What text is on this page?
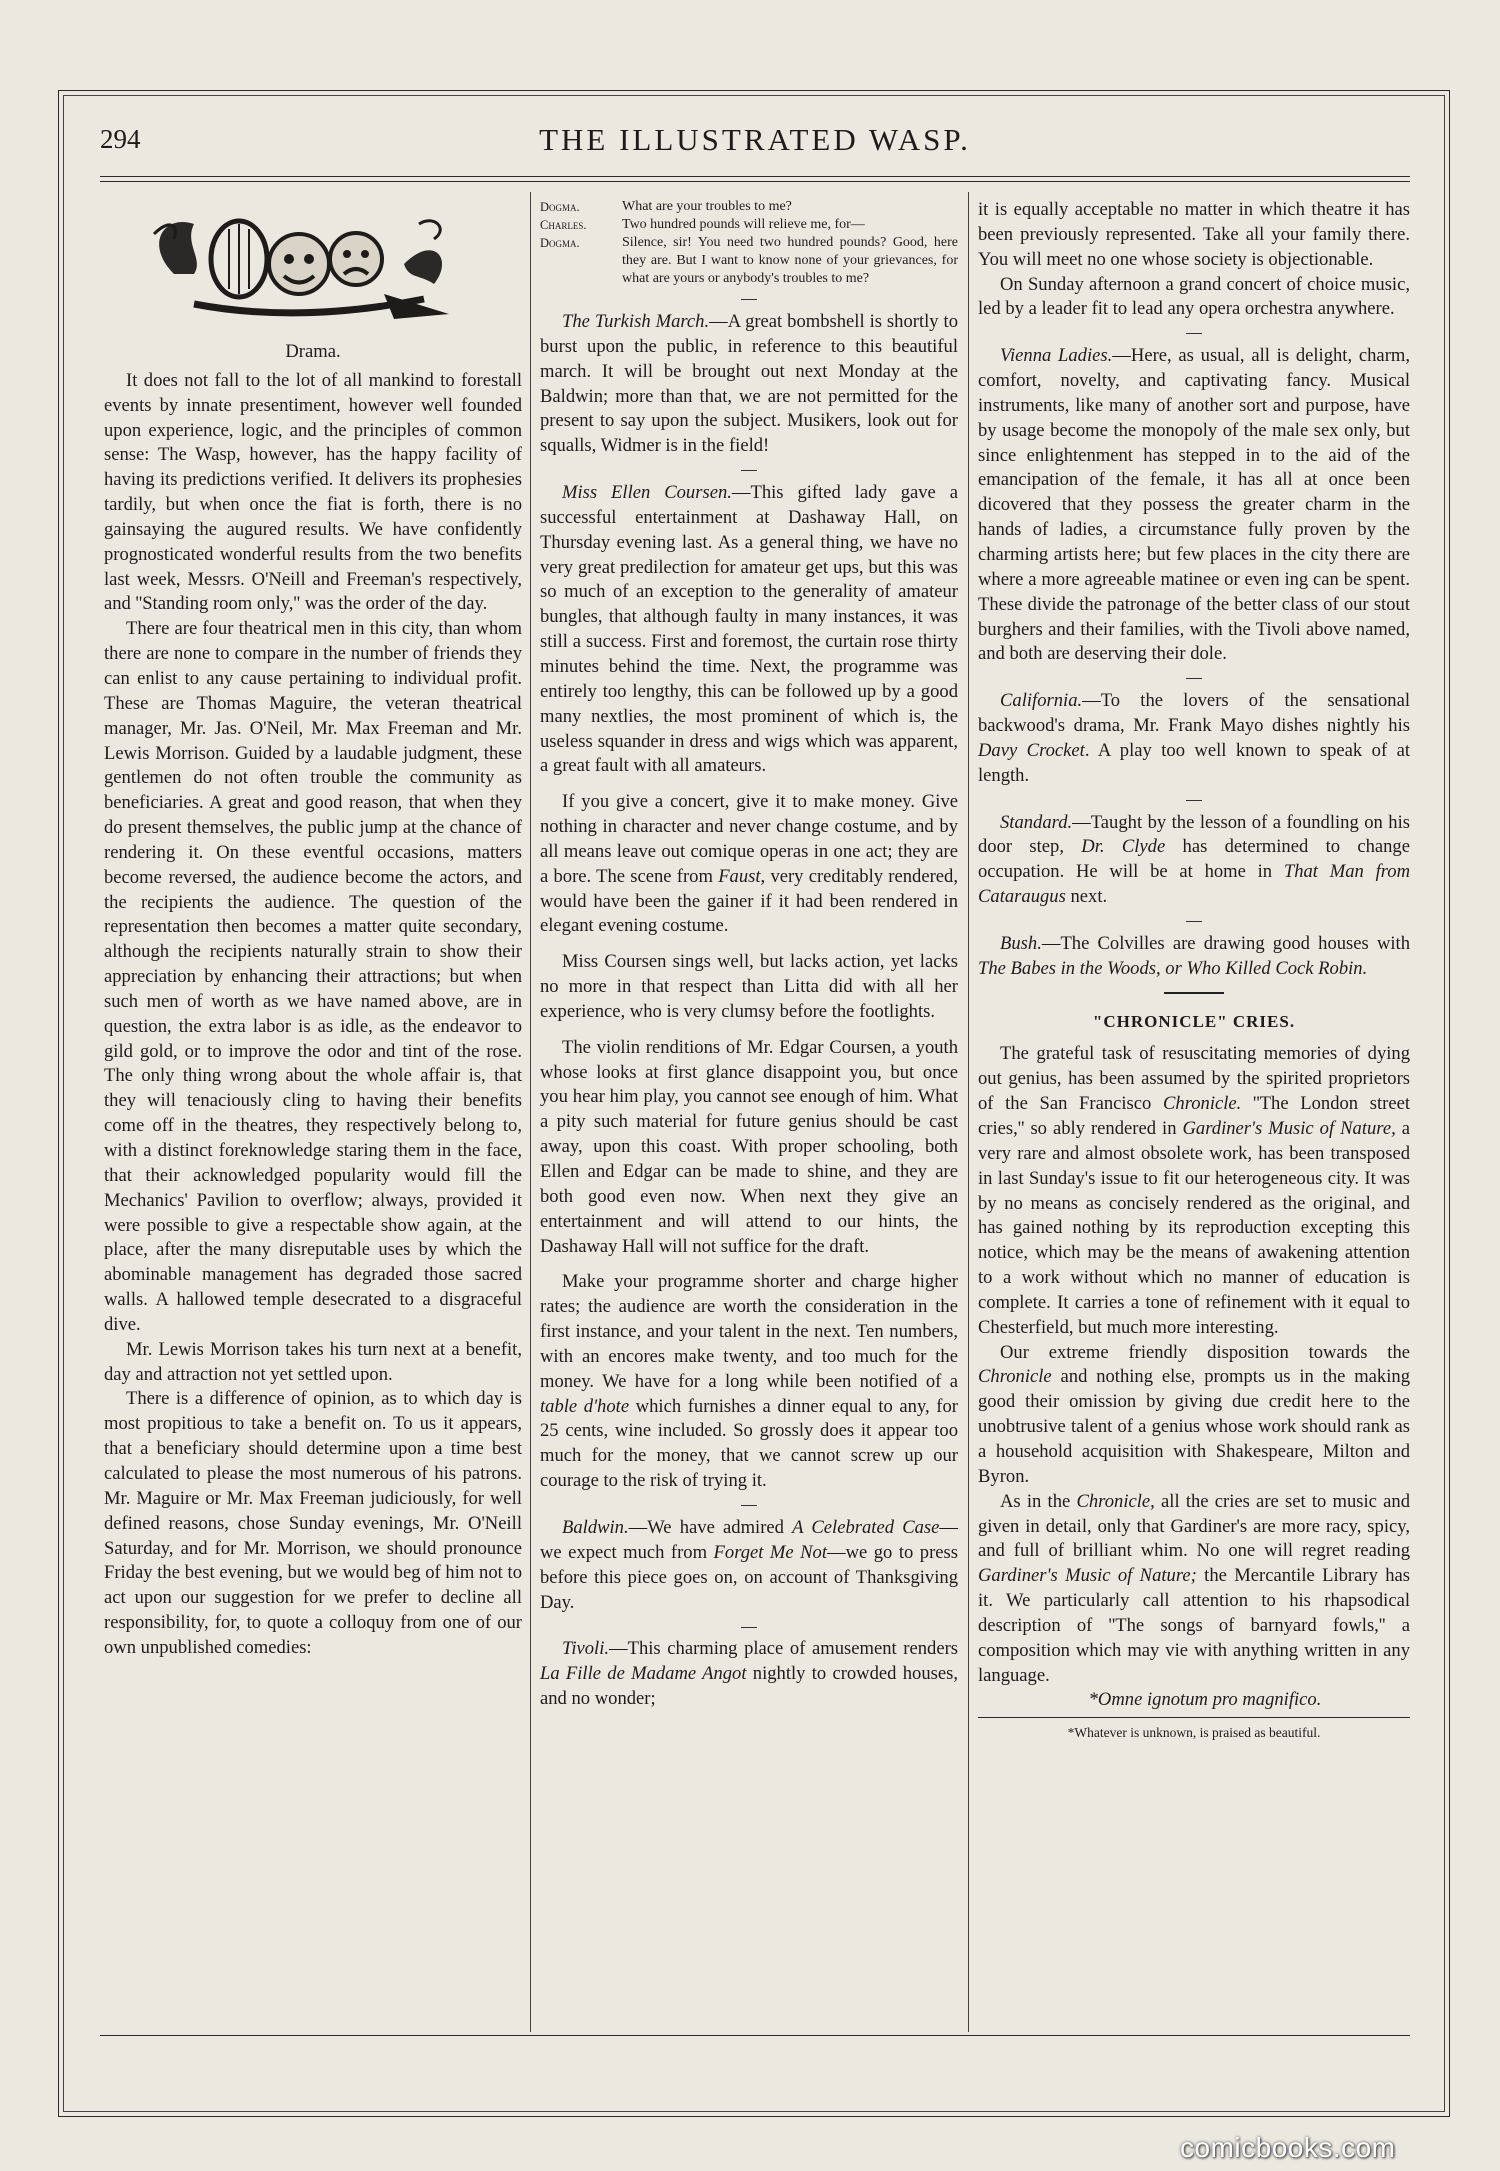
294	THE ILLUSTRATED WASP.

Drama.

It does not fall to the lot of all mankind to forestall events by innate presentiment, however well founded upon experience, logic, and the principles of common sense: The Wasp, however, has the happy facility of having its predictions verified. It delivers its prophesies tardily, but when once the fiat is forth, there is no gainsaying the augured results. We have confidently prognosticated wonderful results from the two benefits last week, Messrs. O'Neill and Freeman's respectively, and ''Standing room only,'' was the order of the day.

There are four theatrical men in this city, than whom there are none to compare in the number of friends they can enlist to any cause pertaining to individual profit. These are Thomas Maguire, the veteran theatrical manager, Mr. Jas. O'Neil, Mr. Max Freeman and Mr. Lewis Morrison. Guided by a laudable judgment, these gentlemen do not often trouble the community as beneficiaries. A great and good reason, that when they do present themselves, the public jump at the chance of rendering it. On these eventful occasions, matters become reversed, the audience become the actors, and the recipients the audience. The question of the representation then becomes a matter quite secondary, although the recipients naturally strain to show their appreciation by enhancing their attractions; but when such men of worth as we have named above, are in question, the extra labor is as idle, as the endeavor to gild gold, or to improve the odor and tint of the rose. The only thing wrong about the whole affair is, that they will tenaciously cling to having their benefits come off in the theatres, they respectively belong to, with a distinct foreknowledge staring them in the face, that their acknowledged popularity would fill the Mechanics' Pavilion to overflow; always, provided it were possible to give a respectable show again, at the place, after the many disreputable uses by which the abominable management has degraded those sacred walls. A hallowed temple desecrated to a disgraceful dive.

Mr. Lewis Morrison takes his turn next at a benefit, day and attraction not yet settled upon.

There is a difference of opinion, as to which day is most propitious to take a benefit on. To us it appears, that a beneficiary should determine upon a time best calculated to please the most numerous of his patrons. Mr. Maguire or Mr. Max Freeman judiciously, for well defined reasons, chose Sunday evenings, Mr. O'Neill Saturday, and for Mr. Morrison, we should pronounce Friday the best evening, but we would beg of him not to act upon our suggestion for we prefer to decline all responsibility, for, to quote a colloquy from one of our own unpublished comedies:

Dogma.	What are your troubles to me?
Charles.	Two hundred pounds will relieve me, for—
Dogma.	Silence, sir! You need two hundred pounds? Good, here they are. But I want to know none of your grievances, for what are yours or anybody's troubles to me?

The Turkish March.—A great bombshell is shortly to burst upon the public, in reference to this beautiful march. It will be brought out next Monday at the Baldwin; more than that, we are not permitted for the present to say upon the subject. Musikers, look out for squalls, Widmer is in the field!

Miss Ellen Coursen.—This gifted lady gave a successful entertainment at Dashaway Hall, on Thursday evening last. As a general thing, we have no very great predilection for amateur get ups, but this was so much of an exception to the generality of amateur bungles, that although faulty in many instances, it was still a success. First and foremost, the curtain rose thirty minutes behind the time. Next, the programme was entirely too lengthy, this can be followed up by a good many nextlies, the most prominent of which is, the useless squander in dress and wigs which was apparent, a great fault with all amateurs.

If you give a concert, give it to make money. Give nothing in character and never change costume, and by all means leave out comique operas in one act; they are a bore. The scene from Faust, very creditably rendered, would have been the gainer if it had been rendered in elegant evening costume.

Miss Coursen sings well, but lacks action, yet lacks no more in that respect than Litta did with all her experience, who is very clumsy before the footlights.

The violin renditions of Mr. Edgar Coursen, a youth whose looks at first glance disappoint you, but once you hear him play, you cannot see enough of him. What a pity such material for future genius should be cast away, upon this coast. With proper schooling, both Ellen and Edgar can be made to shine, and they are both good even now. When next they give an entertainment and will attend to our hints, the Dashaway Hall will not suffice for the draft.

Make your programme shorter and charge higher rates; the audience are worth the consideration in the first instance, and your talent in the next. Ten numbers, with an encores make twenty, and too much for the money. We have for a long while been notified of a table d'hote which furnishes a dinner equal to any, for 25 cents, wine included. So grossly does it appear too much for the money, that we cannot screw up our courage to the risk of trying it.

Baldwin.—We have admired A Celebrated Case—we expect much from Forget Me Not—we go to press before this piece goes on, on account of Thanksgiving Day.

Tivoli.—This charming place of amusement renders La Fille de Madame Angot nightly to crowded houses, and no wonder;

it is equally acceptable no matter in which theatre it has been previously represented. Take all your family there. You will meet no one whose society is objectionable.

On Sunday afternoon a grand concert of choice music, led by a leader fit to lead any opera orchestra anywhere.

Vienna Ladies.—Here, as usual, all is delight, charm, comfort, novelty, and captivating fancy. Musical instruments, like many of another sort and purpose, have by usage become the monopoly of the male sex only, but since enlightenment has stepped in to the aid of the emancipation of the female, it has all at once been dicovered that they possess the greater charm in the hands of ladies, a circumstance fully proven by the charming artists here; but few places in the city there are where a more agreeable matinee or even ing can be spent. These divide the patronage of the better class of our stout burghers and their families, with the Tivoli above named, and both are deserving their dole.

California.—To the lovers of the sensational backwood's drama, Mr. Frank Mayo dishes nightly his Davy Crocket. A play too well known to speak of at length.

Standard.—Taught by the lesson of a foundling on his door step, Dr. Clyde has determined to change occupation. He will be at home in That Man from Cataraugus next.

Bush.—The Colvilles are drawing good houses with The Babes in the Woods, or Who Killed Cock Robin.

"CHRONICLE" CRIES.

The grateful task of resuscitating memories of dying out genius, has been assumed by the spirited proprietors of the San Francisco Chronicle. ''The London street cries,'' so ably rendered in Gardiner's Music of Nature, a very rare and almost obsolete work, has been transposed in last Sunday's issue to fit our heterogeneous city. It was by no means as concisely rendered as the original, and has gained nothing by its reproduction excepting this notice, which may be the means of awakening attention to a work without which no manner of education is complete. It carries a tone of refinement with it equal to Chesterfield, but much more interesting.

Our extreme friendly disposition towards the Chronicle and nothing else, prompts us in the making good their omission by giving due credit here to the unobtrusive talent of a genius whose work should rank as a household acquisition with Shakespeare, Milton and Byron.

As in the Chronicle, all the cries are set to music and given in detail, only that Gardiner's are more racy, spicy, and full of brilliant whim. No one will regret reading Gardiner's Music of Nature; the Mercantile Library has it. We particularly call attention to his rhapsodical description of ''The songs of barnyard fowls,'' a composition which may vie with anything written in any language.

*Omne ignotum pro magnifico.

*Whatever is unknown, is praised as beautiful.
comicbooks.com
